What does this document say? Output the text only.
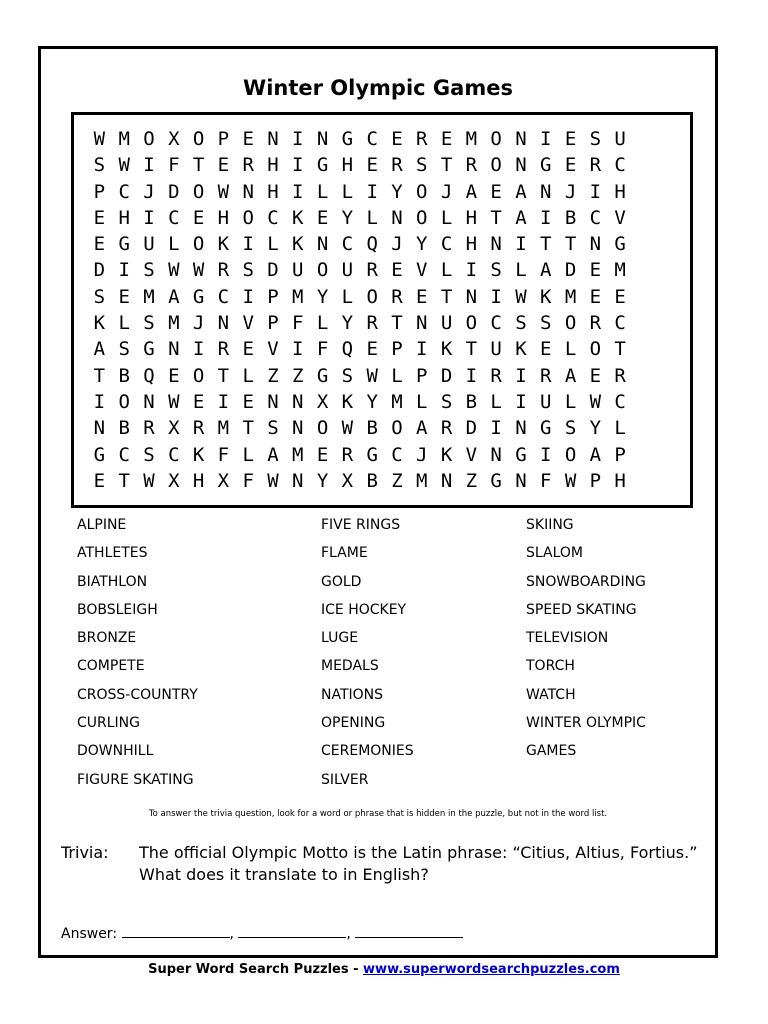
Winter Olympic Games
W M O X O P E N I N G C E R E M O N I E S U
S W I F T E R H I G H E R S T R O N G E R C
P C J D O W N H I L L I Y O J A E A N J I H
E H I C E H O C K E Y L N O L H T A I B C V
E G U L O K I L K N C Q J Y C H N I T T N G
D I S W W R S D U O U R E V L I S L A D E M
S E M A G C I P M Y L O R E T N I W K M E E
K L S M J N V P F L Y R T N U O C S S O R C
A S G N I R E V I F Q E P I K T U K E L O T
T B Q E O T L Z Z G S W L P D I R I R A E R
I O N W E I E N N X K Y M L S B L I U L W C
N B R X R M T S N O W B O A R D I N G S Y L
G C S C K F L A M E R G C J K V N G I O A P
E T W X H X F W N Y X B Z M N Z G N F W P H
ALPINE
ATHLETES
BIATHLON
BOBSLEIGH
BRONZE
COMPETE
CROSS-COUNTRY
CURLING
DOWNHILL
FIGURE SKATING
FIVE RINGS
FLAME
GOLD
ICE HOCKEY
LUGE
MEDALS
NATIONS
OPENING
CEREMONIES
SILVER
SKIING
SLALOM
SNOWBOARDING
SPEED SKATING
TELEVISION
TORCH
WATCH
WINTER OLYMPIC
GAMES
To answer the trivia question, look for a word or phrase that is hidden in the puzzle, but not in the word list.
Trivia: The official Olympic Motto is the Latin phrase: “Citius, Altius, Fortius.” What does it translate to in English?
Answer:	,	,
Super Word Search Puzzles - www.superwordsearchpuzzles.com
